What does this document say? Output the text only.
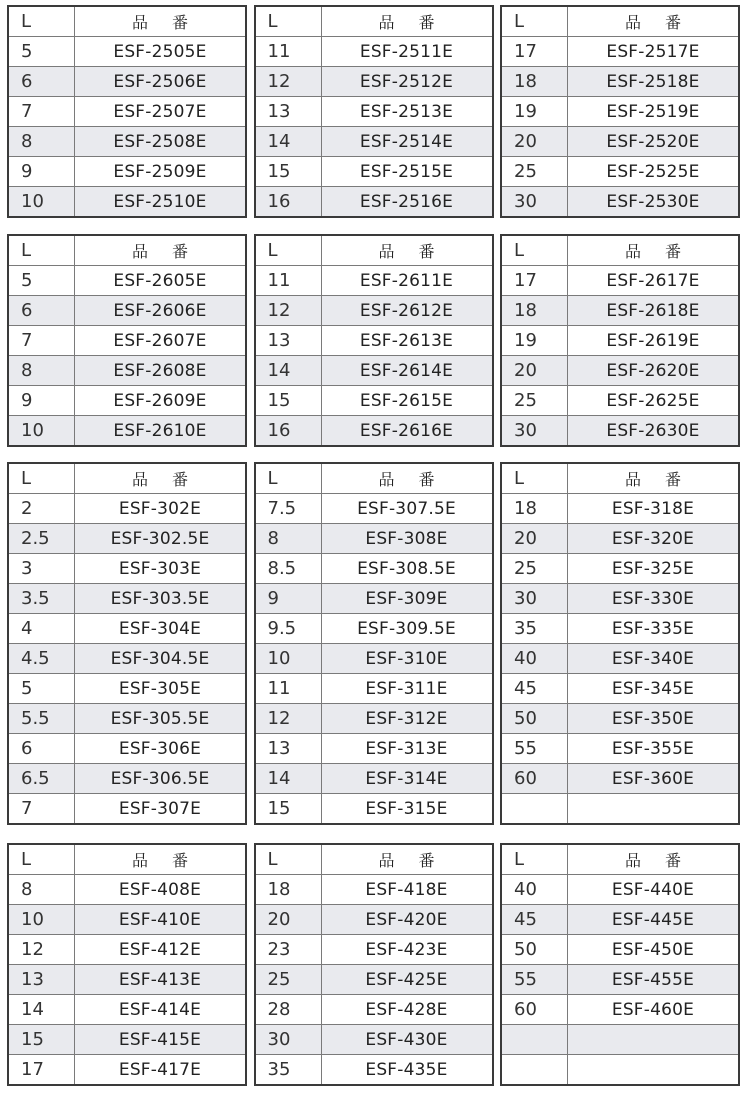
L	品番
5	ESF-2505E
6	ESF-2506E
7	ESF-2507E
8	ESF-2508E
9	ESF-2509E
10	ESF-2510E
L	品番
11	ESF-2511E
12	ESF-2512E
13	ESF-2513E
14	ESF-2514E
15	ESF-2515E
16	ESF-2516E
L	品番
17	ESF-2517E
18	ESF-2518E
19	ESF-2519E
20	ESF-2520E
25	ESF-2525E
30	ESF-2530E
L	品番
5	ESF-2605E
6	ESF-2606E
7	ESF-2607E
8	ESF-2608E
9	ESF-2609E
10	ESF-2610E
L	品番
11	ESF-2611E
12	ESF-2612E
13	ESF-2613E
14	ESF-2614E
15	ESF-2615E
16	ESF-2616E
L	品番
17	ESF-2617E
18	ESF-2618E
19	ESF-2619E
20	ESF-2620E
25	ESF-2625E
30	ESF-2630E
L	品番
2	ESF-302E
2.5	ESF-302.5E
3	ESF-303E
3.5	ESF-303.5E
4	ESF-304E
4.5	ESF-304.5E
5	ESF-305E
5.5	ESF-305.5E
6	ESF-306E
6.5	ESF-306.5E
7	ESF-307E
L	品番
7.5	ESF-307.5E
8	ESF-308E
8.5	ESF-308.5E
9	ESF-309E
9.5	ESF-309.5E
10	ESF-310E
11	ESF-311E
12	ESF-312E
13	ESF-313E
14	ESF-314E
15	ESF-315E
L	品番
18	ESF-318E
20	ESF-320E
25	ESF-325E
30	ESF-330E
35	ESF-335E
40	ESF-340E
45	ESF-345E
50	ESF-350E
55	ESF-355E
60	ESF-360E

L	品番
8	ESF-408E
10	ESF-410E
12	ESF-412E
13	ESF-413E
14	ESF-414E
15	ESF-415E
17	ESF-417E
L	品番
18	ESF-418E
20	ESF-420E
23	ESF-423E
25	ESF-425E
28	ESF-428E
30	ESF-430E
35	ESF-435E
L	品番
40	ESF-440E
45	ESF-445E
50	ESF-450E
55	ESF-455E
60	ESF-460E
